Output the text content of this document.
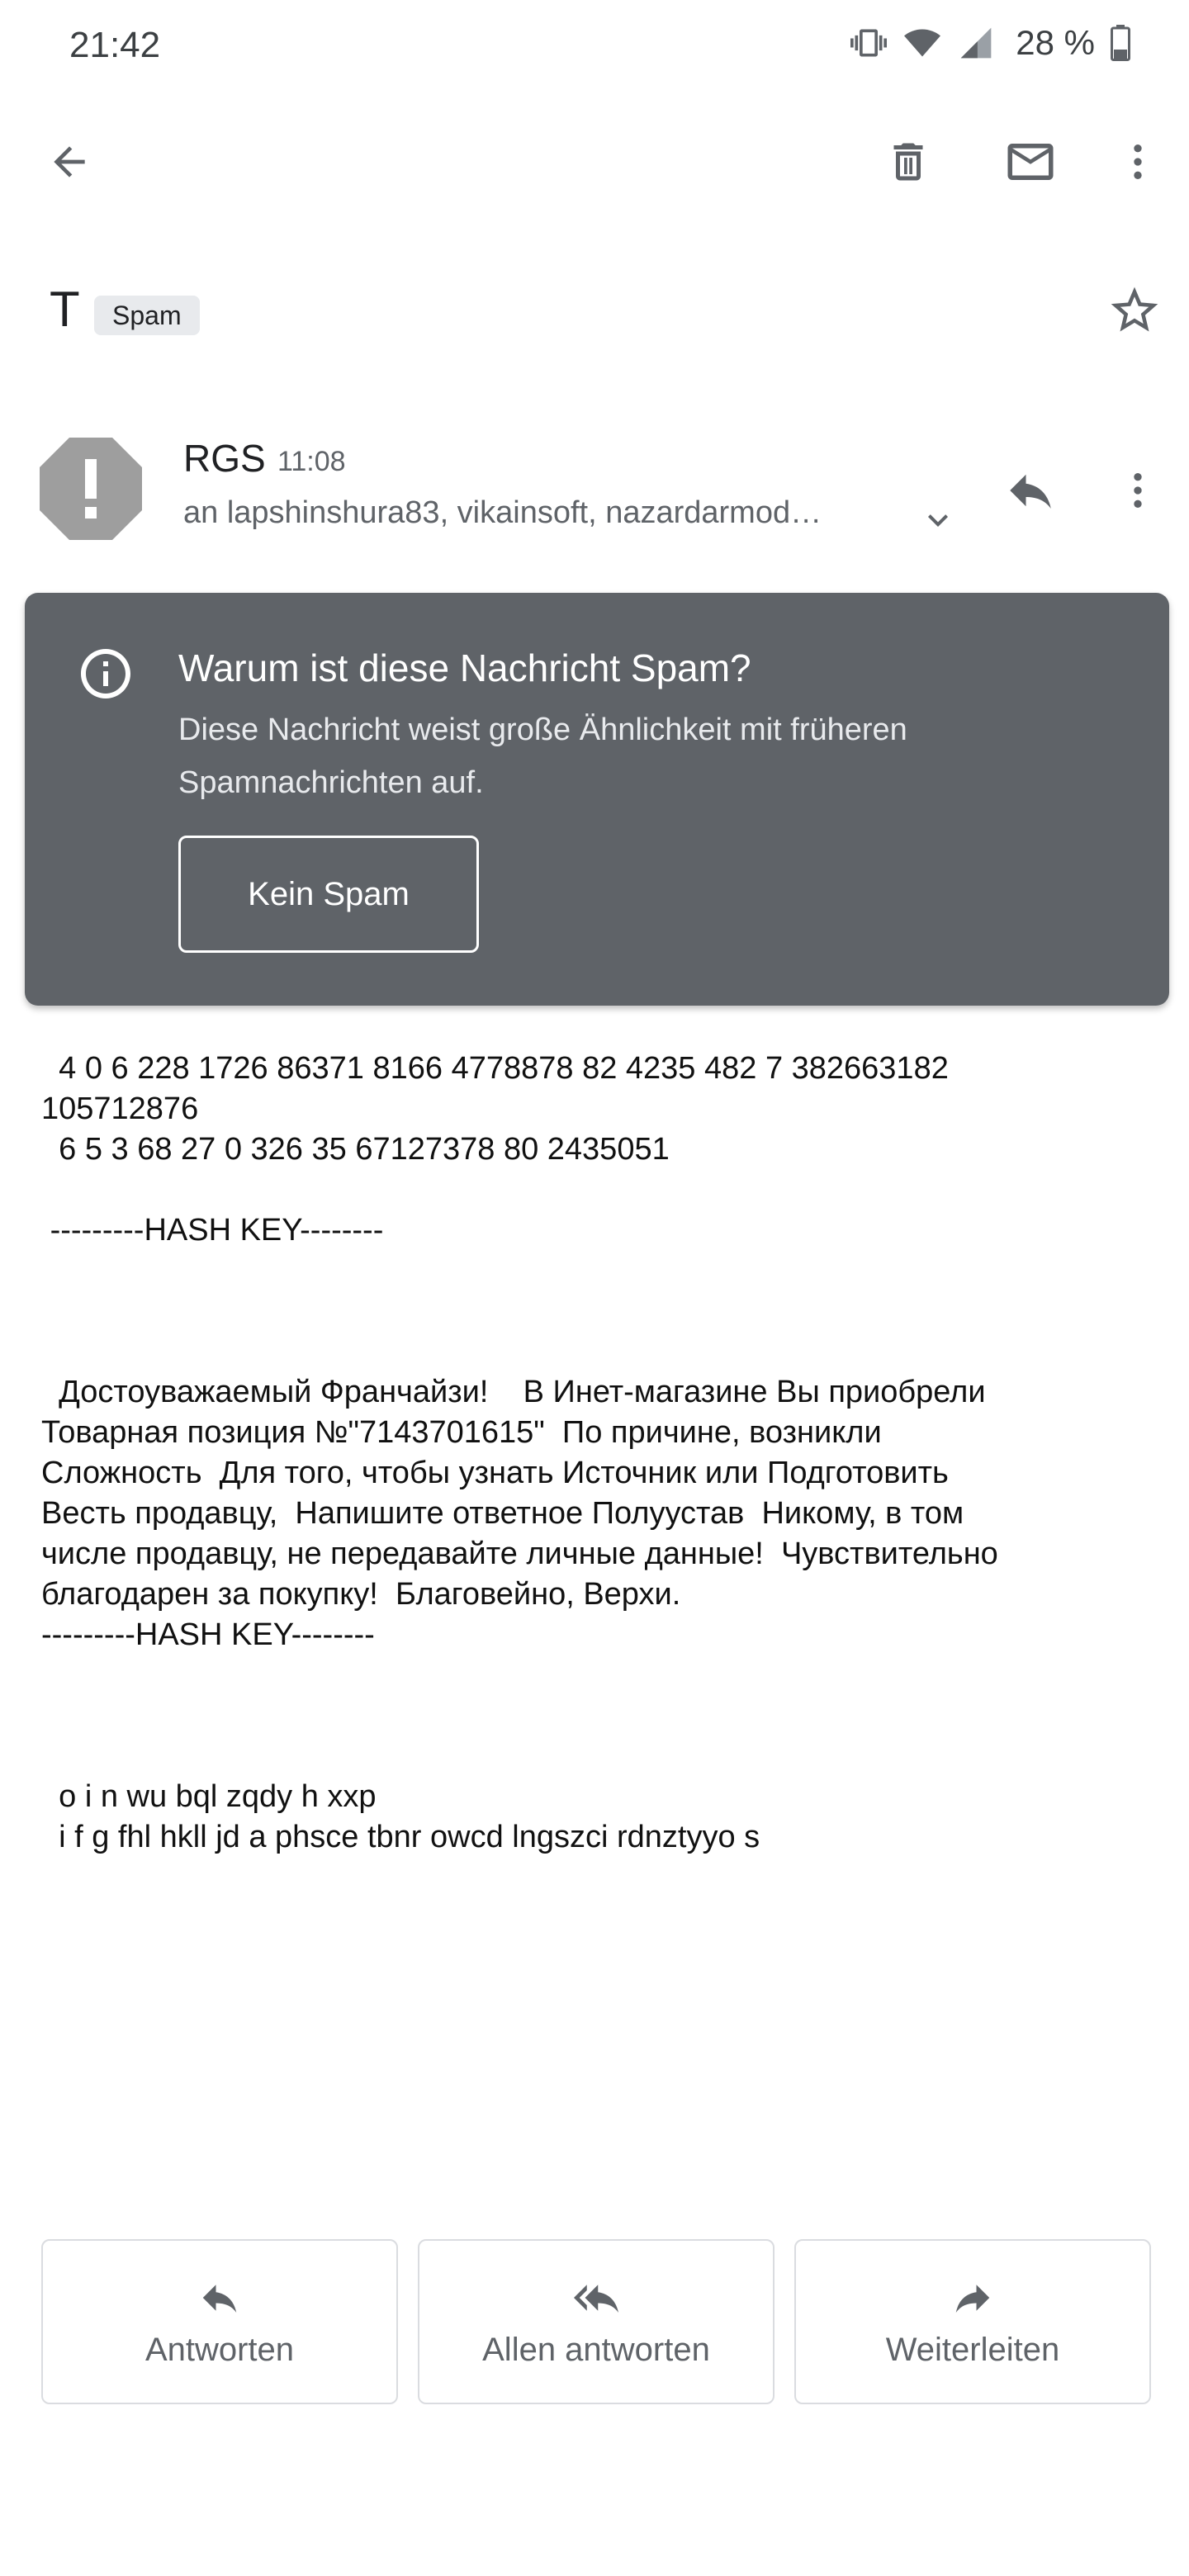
21:42	28 %
T	Spam
RGS 11:08
an lapshinshura83, vikainsoft, nazardarmod…
Warum ist diese Nachricht Spam?
Diese Nachricht weist große Ähnlichkeit mit früheren Spamnachrichten auf.
Kein Spam
4 0 6 228 1726 86371 8166 4778878 82 4235 482 7 382663182
105712876
6 5 3 68 27 0 326 35 67127378 80 2435051

---------HASH KEY--------

Достоуважаемый Франчайзи!    В Инет-магазине Вы приобрели
Товарная позиция №"7143701615"  По причине, возникли
Сложность  Для того, чтобы узнать Источник или Подготовить
Весть продавцу,  Напишите ответное Полуустав  Никому, в том
числе продавцу, не передавайте личные данные!  Чувствительно
благодарен за покупку!  Благовейно, Верхи.
---------HASH KEY--------

o i n wu bql zqdy h xxp
i f g fhl hkll jd a phsce tbnr owcd lngszci rdnztyyo s
Antworten	Allen antworten	Weiterleiten
